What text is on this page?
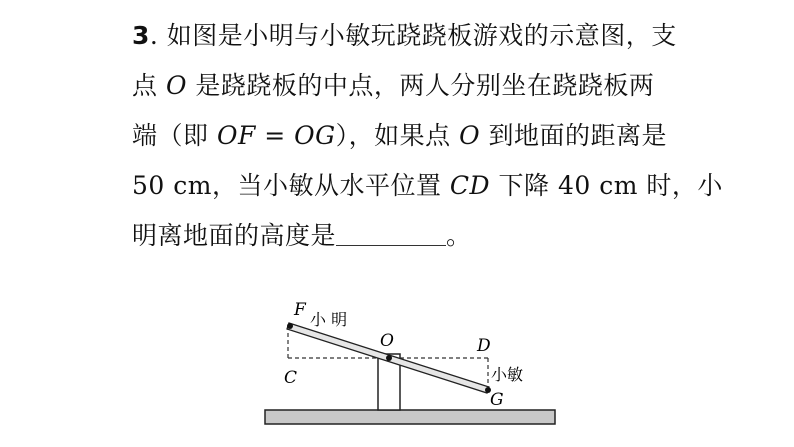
3. 如图是小明与小敏玩跷跷板游戏的示意图，支
点 O 是跷跷板的中点，两人分别坐在跷跷板两
端（即 OF = OG），如果点 O 到地面的距离是
50 cm，当小敏从水平位置 CD 下降 40 cm 时，小
明离地面的高度是	。
F 小 明
O	D
C	小敏
G
